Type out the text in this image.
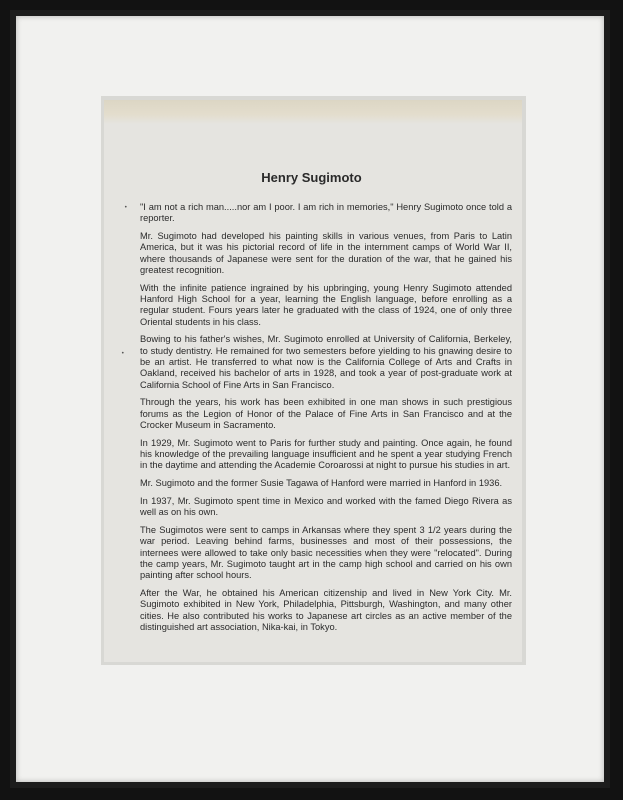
Henry Sugimoto

"I am not a rich man.....nor am I poor. I am rich in memories," Henry Sugimoto once told a reporter.

Mr. Sugimoto had developed his painting skills in various venues, from Paris to Latin America, but it was his pictorial record of life in the internment camps of World War II, where thousands of Japanese were sent for the duration of the war, that he gained his greatest recognition.

With the infinite patience ingrained by his upbringing, young Henry Sugimoto attended Hanford High School for a year, learning the English language, before enrolling as a regular student. Fours years later he graduated with the class of 1924, one of only three Oriental students in his class.

Bowing to his father's wishes, Mr. Sugimoto enrolled at University of California, Berkeley, to study dentistry. He remained for two semesters before yielding to his gnawing desire to be an artist. He transferred to what now is the California College of Arts and Crafts in Oakland, received his bachelor of arts in 1928, and took a year of post-graduate work at California School of Fine Arts in San Francisco.

Through the years, his work has been exhibited in one man shows in such prestigious forums as the Legion of Honor of the Palace of Fine Arts in San Francisco and at the Crocker Museum in Sacramento.

In 1929, Mr. Sugimoto went to Paris for further study and painting. Once again, he found his knowledge of the prevailing language insufficient and he spent a year studying French in the daytime and attending the Academie Coroarossi at night to pursue his studies in art.

Mr. Sugimoto and the former Susie Tagawa of Hanford were married in Hanford in 1936.

In 1937, Mr. Sugimoto spent time in Mexico and worked with the famed Diego Rivera as well as on his own.

The Sugimotos were sent to camps in Arkansas where they spent 3 1/2 years during the war period. Leaving behind farms, businesses and most of their possessions, the internees were allowed to take only basic necessities when they were "relocated". During the camp years, Mr. Sugimoto taught art in the camp high school and carried on his own painting after school hours.

After the War, he obtained his American citizenship and lived in New York City. Mr. Sugimoto exhibited in New York, Philadelphia, Pittsburgh, Washington, and many other cities. He also contributed his works to Japanese art circles as an active member of the distinguished art association, Nika-kai, in Tokyo.

•
•
